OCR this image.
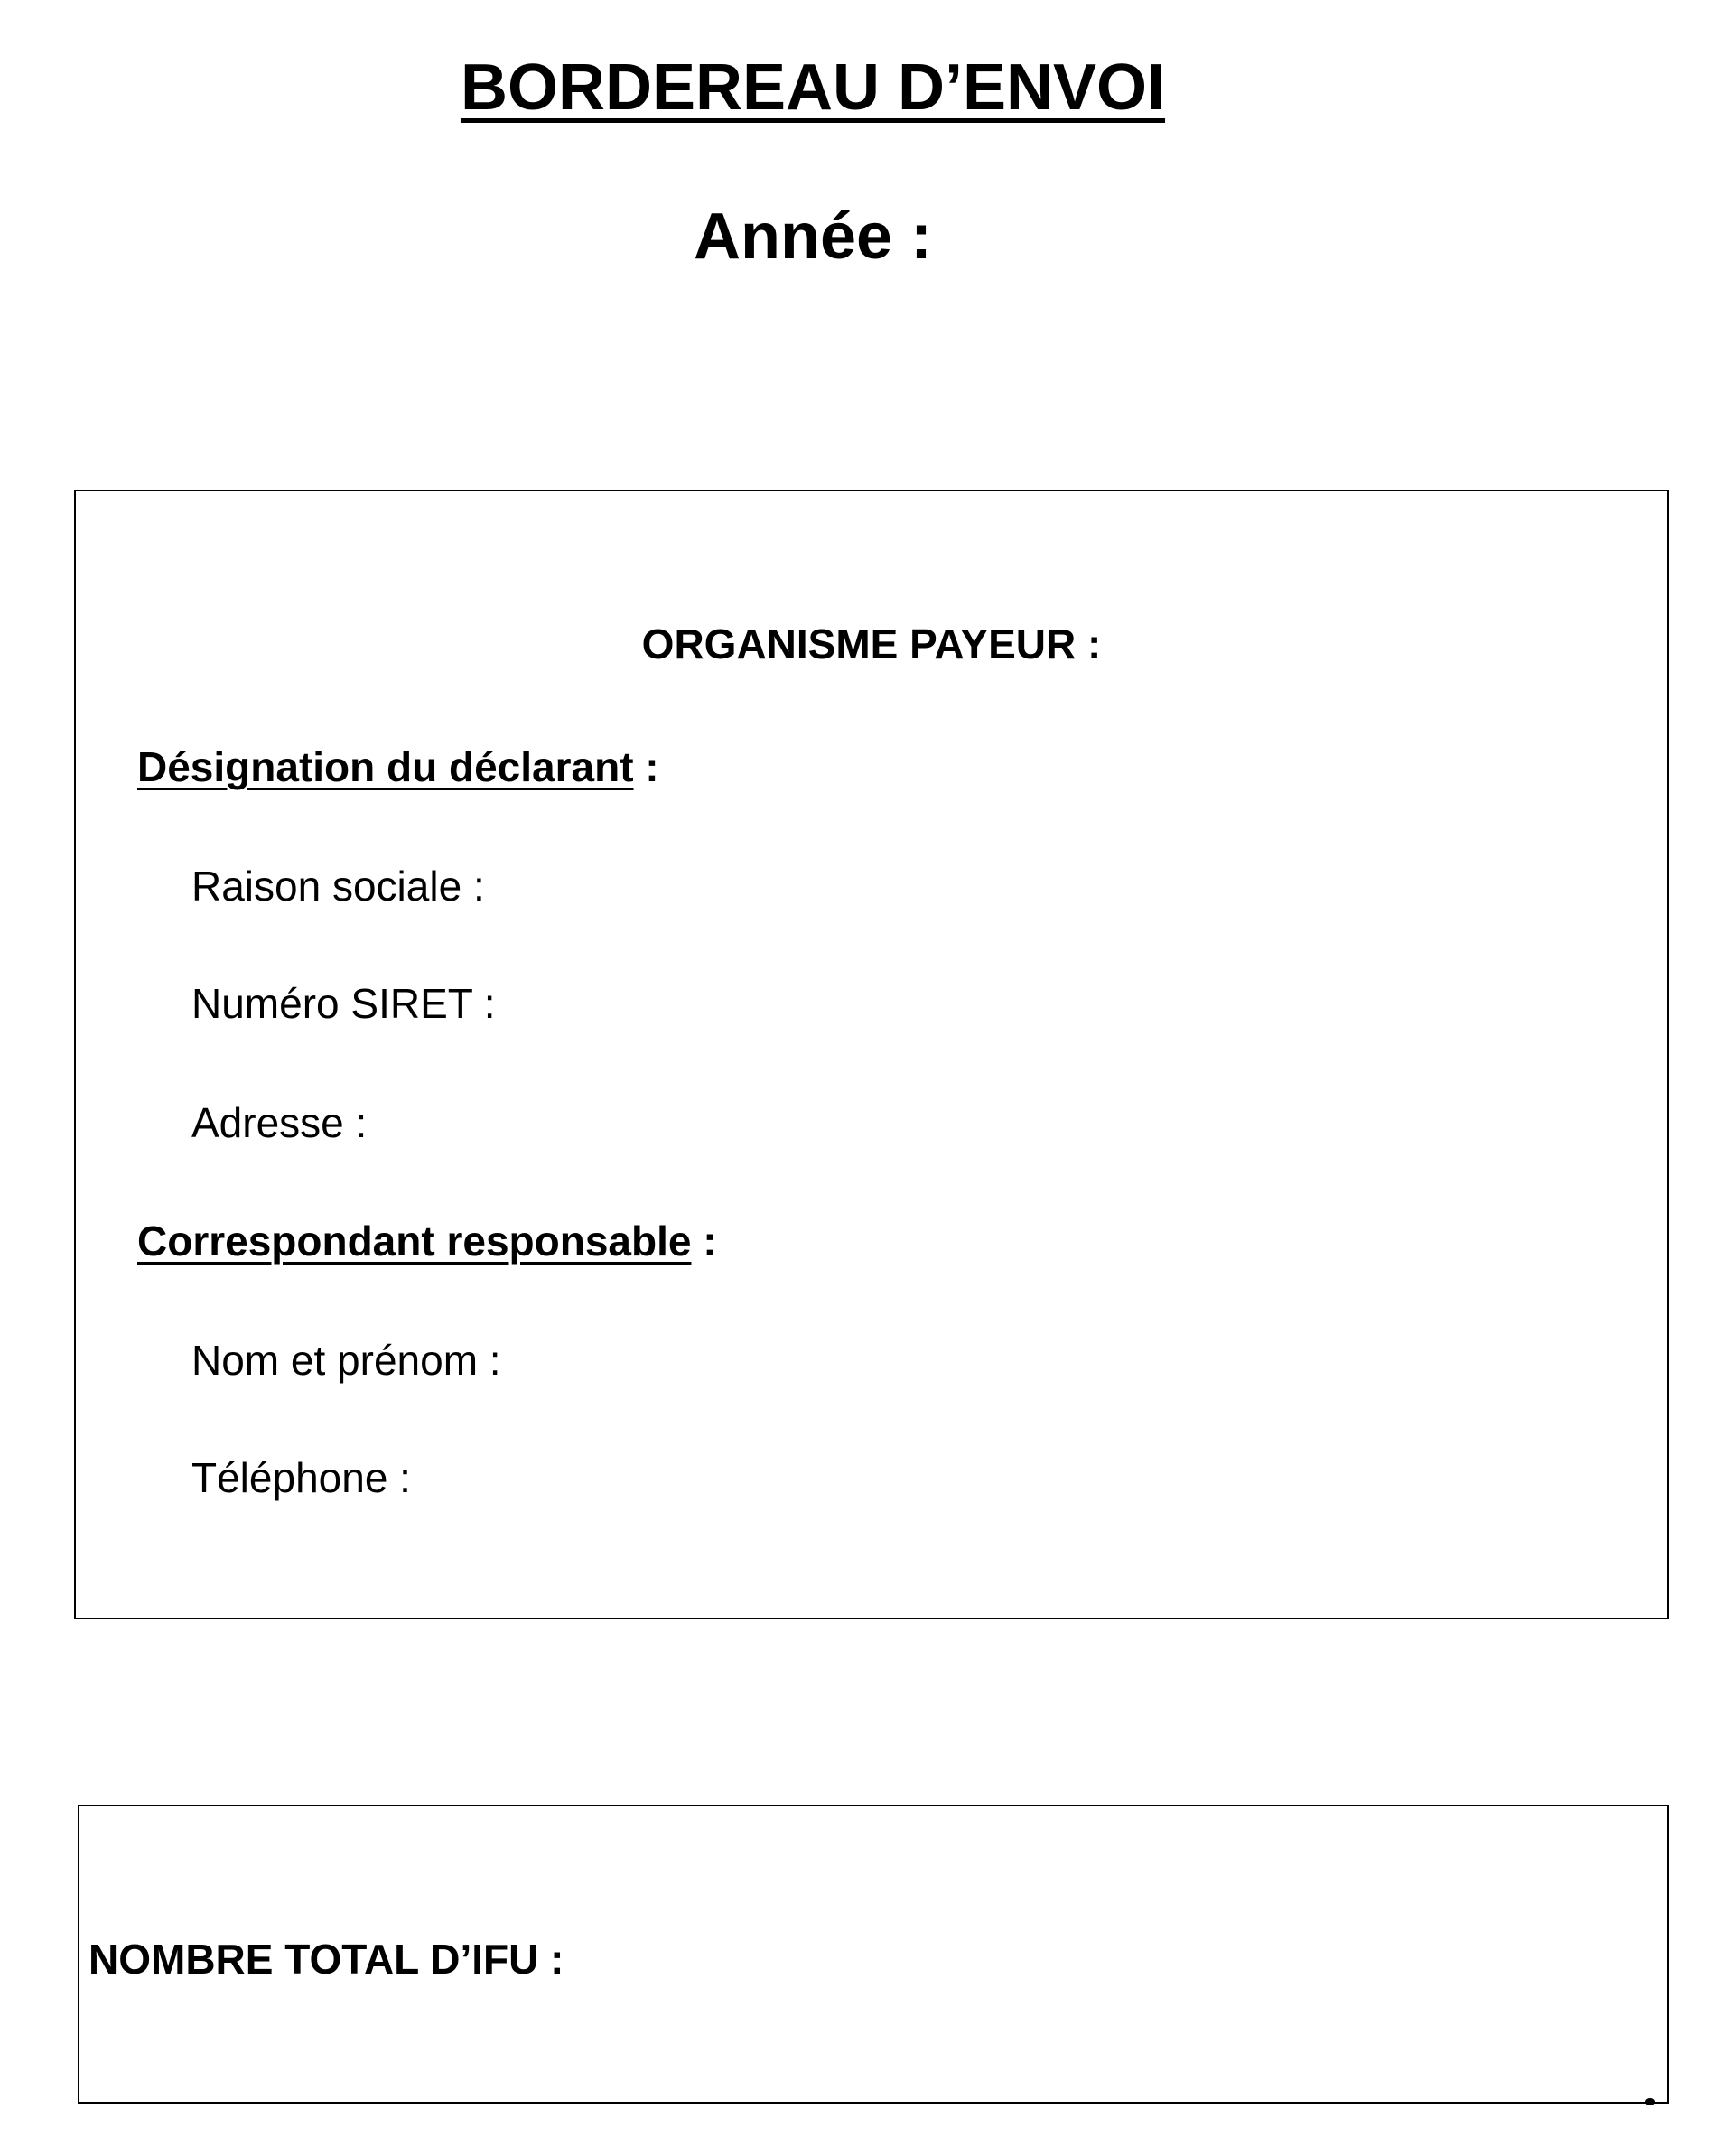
BORDEREAU D’ENVOI
Année :

ORGANISME PAYEUR :

Désignation du déclarant :

Raison sociale :

Numéro SIRET :

Adresse :

Correspondant responsable :

Nom et prénom :

Téléphone :

NOMBRE TOTAL D’IFU :
